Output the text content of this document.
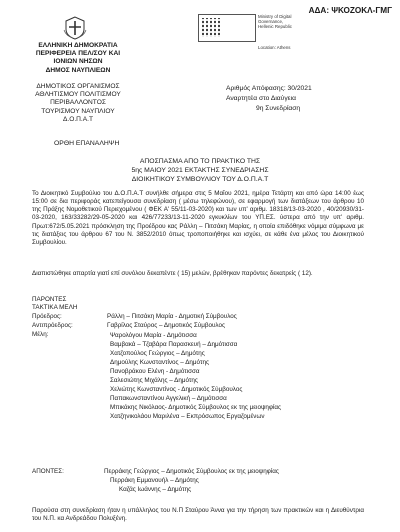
ΑΔΑ: ΨΚΟΖΟΚΛ-ΓΜΓ
Ministry of Digital
Governance,
Hellenic Republic

Location: Athens
ΕΛΛΗΝΙΚΗ ΔΗΜΟΚΡΑΤΙΑ
ΠΕΡΙΦΕΡΕΙΑ ΠΕΛ/ΣΟΥ ΚΑΙ
ΙΟΝΙΩΝ ΝΗΣΩΝ
ΔΗΜΟΣ ΝΑΥΠΛΙΕΩΝ
ΔΗΜΟΤΙΚΟΣ ΟΡΓΑΝΙΣΜΟΣ
ΑΘΛΗΤΙΣΜΟΥ ΠΟΛΙΤΙΣΜΟΥ
ΠΕΡΙΒΑΛΛΟΝΤΟΣ
ΤΟΥΡΙΣΜΟΥ ΝΑΥΠΛΙΟΥ
Δ.Ο.Π.Α.Τ
Αριθμός Απόφασης: 30/2021
Αναρτητέα στο Διαύγεια
9η Συνεδρίαση
ΟΡΘΗ ΕΠΑΝΑΛΗΨΗ
ΑΠΟΣΠΑΣΜΑ ΑΠΟ ΤΟ ΠΡΑΚΤΙΚΟ ΤΗΣ
5ης ΜΑΙΟΥ 2021 ΕΚΤΑΚΤΗΣ ΣΥΝΕΔΡΙΑΣΗΣ
ΔΙΟΙΚΗΤΙΚΟΥ ΣΥΜΒΟΥΛΙΟΥ ΤΟΥ Δ.Ο.Π.Α.Τ
Το Διοικητικό Συμβούλιο του Δ.Ο.Π.Α.Τ συνήλθε σήμερα στις 5 Μαΐου 2021, ημέρα Τετάρτη και από ώρα 14:00 έως 15:00 σε δια περιφοράς κατεπείγουσα συνεδρίαση ( μέσω τηλεφώνου), σε εφαρμογή των διατάξεων του άρθρου 10 της Πράξης Νομοθετικού Περιεχομένου ( ΦΕΚ Α' 55/11-03-2020) και των υπ' αριθμ. 18318/13-03-2020 , 40/20930/31-03-2020, 163/33282/29-05-2020 και 426/77233/13-11-2020 εγκυκλίων του ΥΠ.ΕΣ. ύστερα από την υπ' αριθμ. Πρωτ:672/5.05.2021 πρόσκληση της Προέδρου κας Ράλλη – Πιτσάκη Μαρίας, η οποία επιδόθηκε νόμιμα σύμφωνα με τις διατάξεις του άρθρου 67 του Ν. 3852/2010 όπως τροποποιήθηκε και ισχύει, σε κάθε ένα μέλος του Διοικητικού Συμβουλίου.
Διαπιστώθηκε απαρτία γιατί επί συνόλου δεκαπέντε ( 15) μελών, βρέθηκαν παρόντες δεκατρείς ( 12).
ΠΑΡΟΝΤΕΣ
ΤΑΚΤΙΚΑ ΜΕΛΗ
Πρόεδρος:	Ράλλη – Πιτσάκη Μαρία - Δημοτική Σύμβουλος
Αντιπρόεδρος:	Γαβρίλος Σταύρος – Δημοτικός Σύμβουλος
Μέλη:	Ψαρολόγου Μαρία - Δημότισσα
Βαμβακά – Τζαβάρα Παρασκευή – Δημότισσα
Χατζοπούλος Γεώργιος – Δημότης
Δημούλης Κωνσταντίνος – Δημότης
Πανοβράκου Ελένη - Δημότισσα
Σαλεσιώτης Μιχάλης – Δημότης
Χελιώτης Κωνσταντίνος - Δημοτικός Σύμβουλος
Παπακωνσταντίνου Αγγελική – Δημότισσα
Μπικάκης Νικόλαος- Δημοτικός Σύμβουλος εκ της μειοψηφίας
Χατζηνικολάου Μαριλένα – Εκπρόσωπος Εργαζομένων
ΑΠΟΝΤΕΣ:	Περράκης Γεώργιος – Δημοτικός Σύμβουλος εκ της μειοψηφίας
Περράκη Εμμανουήλ – Δημότης
Καζάς Ιωάννης – Δημότης
Παρούσα στη συνεδρίαση ήταν η υπάλληλος του Ν.Π Σταύρου Άννα για την τήρηση των πρακτικών και η Διευθύντρια του Ν.Π. κα Ανδρεάδου Πολυξένη.
